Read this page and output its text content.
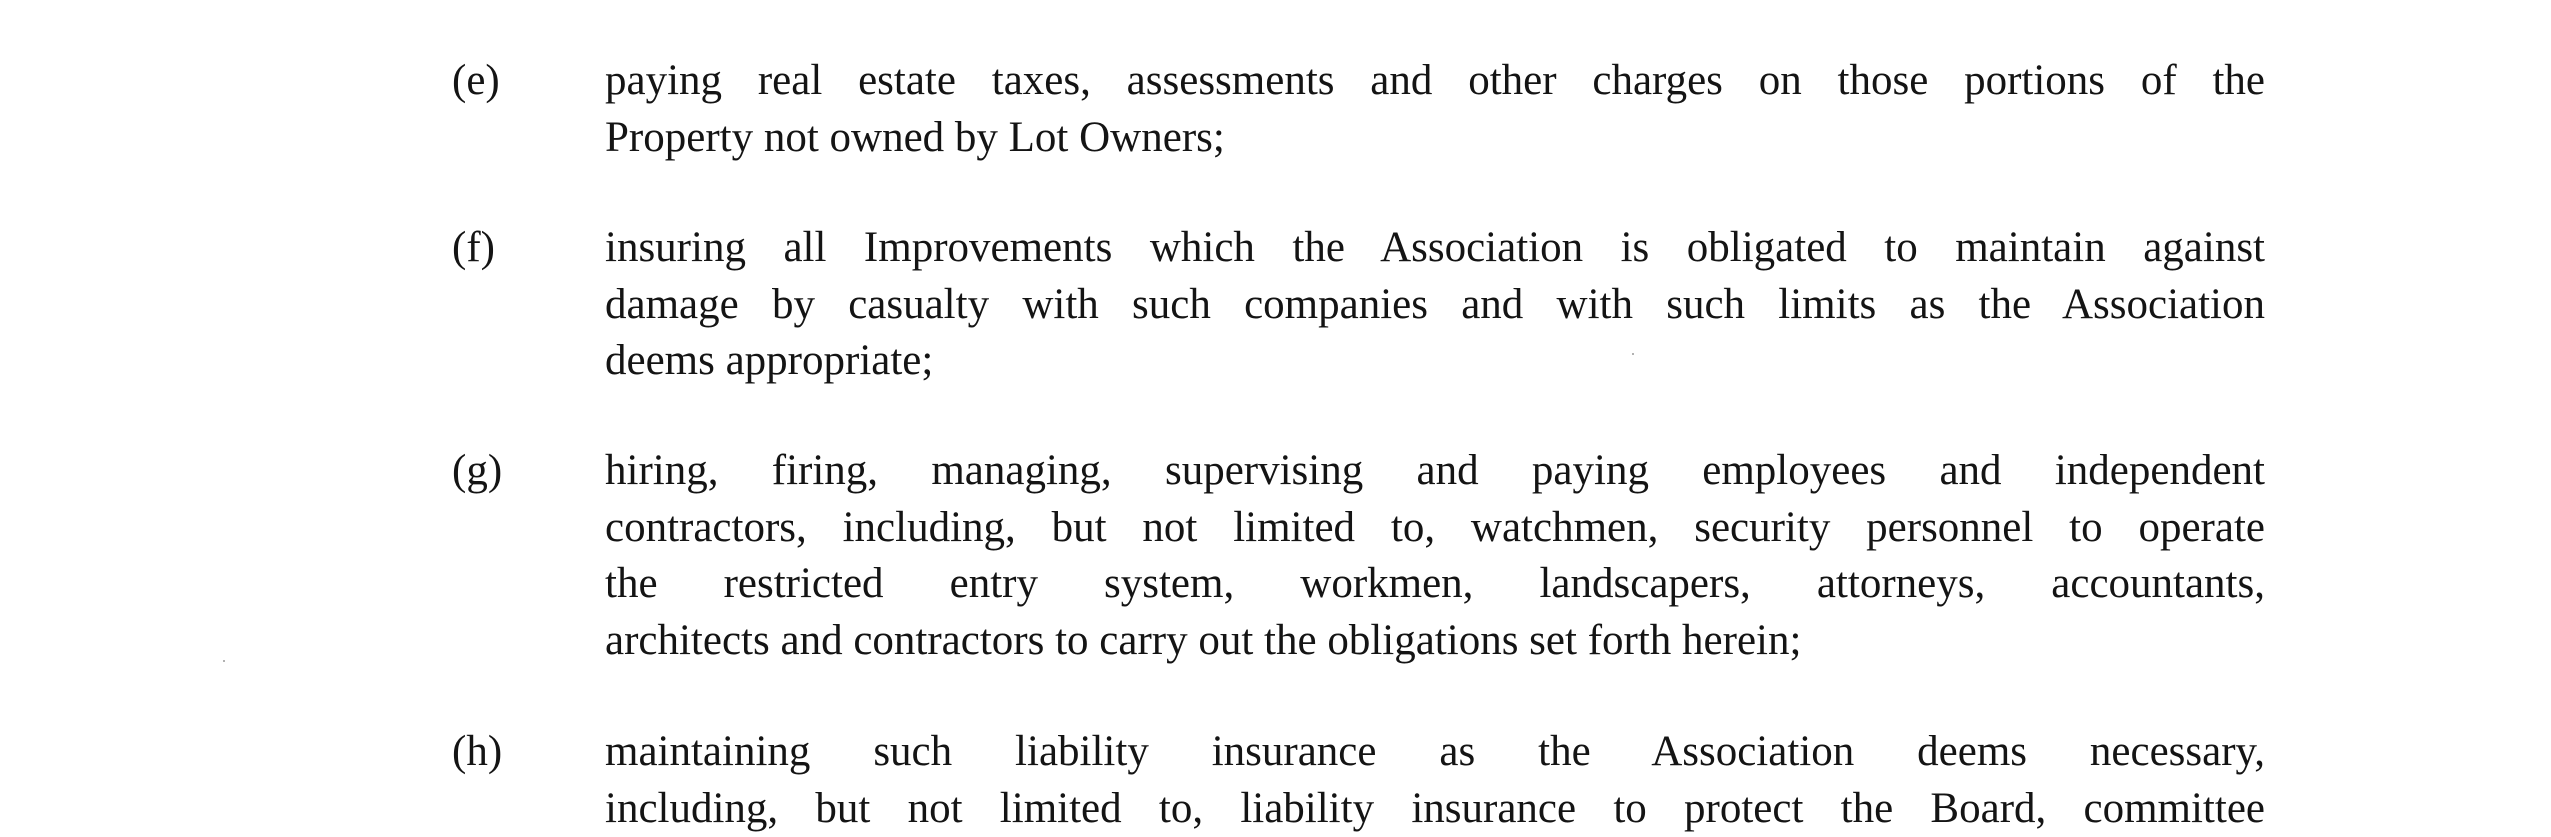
(e) paying real estate taxes, assessments and other charges on those portions of the
Property not owned by Lot Owners;
(f)	insuring all Improvements which the Association is obligated to maintain against
damage by casualty with such companies and with such limits as the Association
deems appropriate;
(g) hiring, firing, managing, supervising and paying employees and independent
contractors, including, but not limited to, watchmen, security personnel to operate
the restricted entry system, workmen, landscapers, attorneys, accountants,
architects and contractors to carry out the obligations set forth herein;
(h) maintaining such liability insurance as the Association deems necessary,
including, but not limited to, liability insurance to protect the Board, committee
